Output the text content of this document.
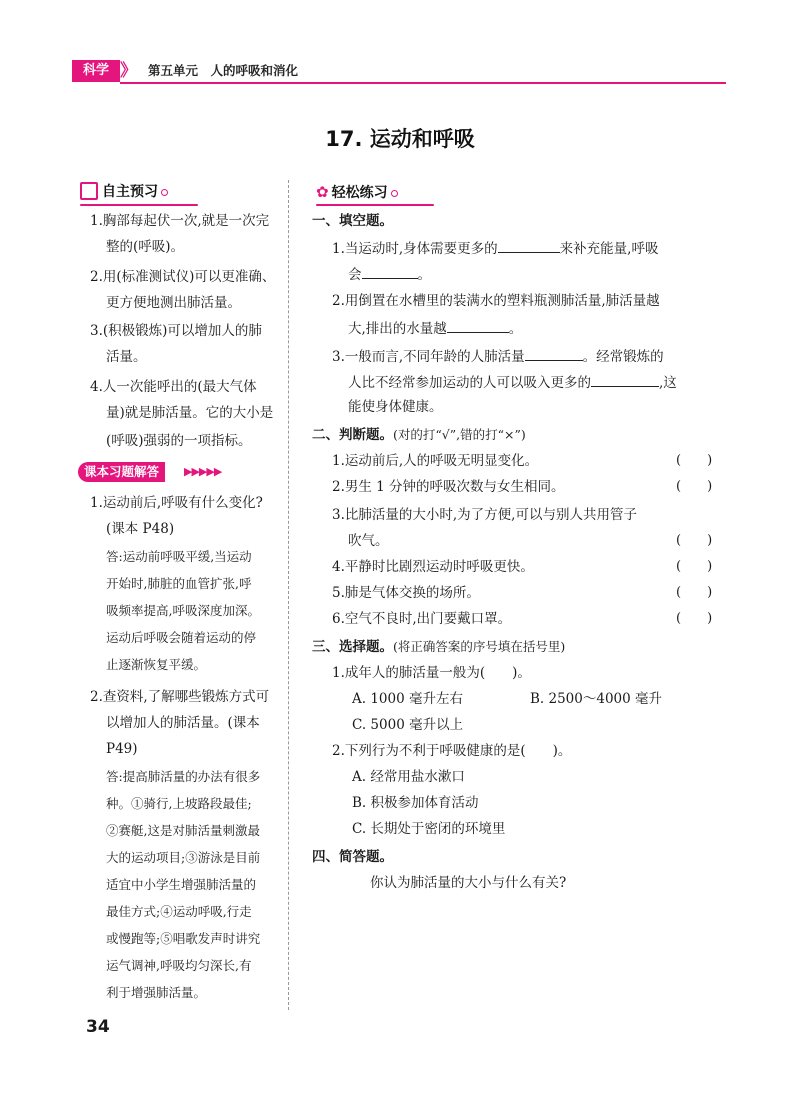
科学 》 第五单元　人的呼吸和消化
17. 运动和呼吸
自主预习
1.胸部每起伏一次,就是一次完
整的(呼吸)。
2.用(标准测试仪)可以更准确、
更方便地测出肺活量。
3.(积极锻炼)可以增加人的肺
活量。
4.人一次能呼出的(最大气体
量)就是肺活量。它的大小是
(呼吸)强弱的一项指标。
课本习题解答	▶▶▶▶▶
1.运动前后,呼吸有什么变化?
(课本 P48)
答:运动前呼吸平缓,当运动
开始时,肺脏的血管扩张,呼
吸频率提高,呼吸深度加深。
运动后呼吸会随着运动的停
止逐渐恢复平缓。
2.查资料,了解哪些锻炼方式可
以增加人的肺活量。(课本
P49)
答:提高肺活量的办法有很多
种。①骑行,上坡路段最佳;
②赛艇,这是对肺活量刺激最
大的运动项目;③游泳是目前
适宜中小学生增强肺活量的
最佳方式;④运动呼吸,行走
或慢跑等;⑤唱歌发声时讲究
运气调神,呼吸均匀深长,有
利于增强肺活量。
✿ 轻松练习
一、填空题。
1.当运动时,身体需要更多的	来补充能量,呼吸
会	。
2.用倒置在水槽里的装满水的塑料瓶测肺活量,肺活量越
大,排出的水量越	。
3.一般而言,不同年龄的人肺活量	。经常锻炼的
人比不经常参加运动的人可以吸入更多的	,这
能使身体健康。
二、判断题。(对的打“√”,错的打“×”)
1.运动前后,人的呼吸无明显变化。	(　　)
2.男生 1 分钟的呼吸次数与女生相同。	(　　)
3.比肺活量的大小时,为了方便,可以与别人共用管子
吹气。	(　　)
4.平静时比剧烈运动时呼吸更快。	(　　)
5.肺是气体交换的场所。	(　　)
6.空气不良时,出门要戴口罩。	(　　)
三、选择题。(将正确答案的序号填在括号里)
1.成年人的肺活量一般为(　　)。
A. 1000 毫升左右	B. 2500～4000 毫升
C. 5000 毫升以上
2.下列行为不利于呼吸健康的是(　　)。
A. 经常用盐水漱口
B. 积极参加体育活动
C. 长期处于密闭的环境里
四、简答题。
你认为肺活量的大小与什么有关?
34
